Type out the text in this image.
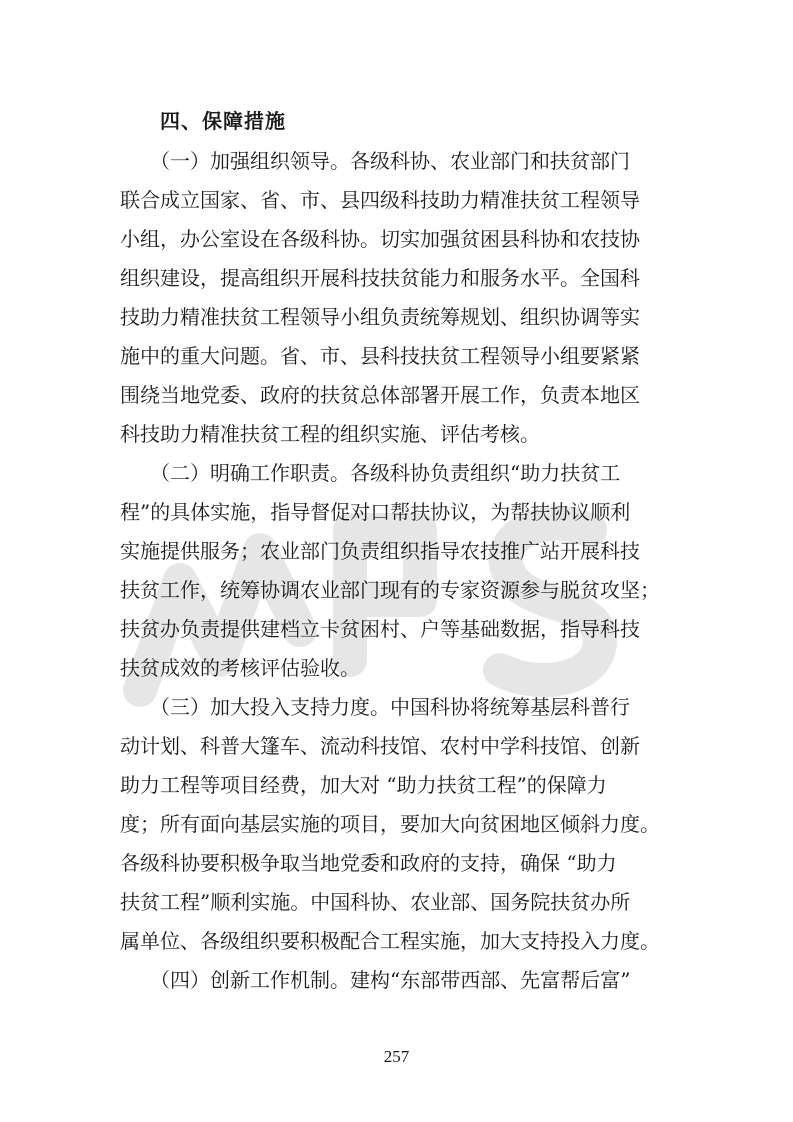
四、保障措施
　　（一）加强组织领导。各级科协、农业部门和扶贫部门
联合成立国家、省、市、县四级科技助力精准扶贫工程领导
小组，办公室设在各级科协。切实加强贫困县科协和农技协
组织建设，提高组织开展科技扶贫能力和服务水平。全国科
技助力精准扶贫工程领导小组负责统筹规划、组织协调等实
施中的重大问题。省、市、县科技扶贫工程领导小组要紧紧
围绕当地党委、政府的扶贫总体部署开展工作，负责本地区
科技助力精准扶贫工程的组织实施、评估考核。
　　（二）明确工作职责。各级科协负责组织“助力扶贫工
程”的具体实施，指导督促对口帮扶协议，为帮扶协议顺利
实施提供服务；农业部门负责组织指导农技推广站开展科技
扶贫工作，统筹协调农业部门现有的专家资源参与脱贫攻坚；
扶贫办负责提供建档立卡贫困村、户等基础数据，指导科技
扶贫成效的考核评估验收。
　　（三）加大投入支持力度。中国科协将统筹基层科普行
动计划、科普大篷车、流动科技馆、农村中学科技馆、创新
助力工程等项目经费，加大对 “助力扶贫工程”的保障力
度；所有面向基层实施的项目，要加大向贫困地区倾斜力度。
各级科协要积极争取当地党委和政府的支持，确保 “助力
扶贫工程”顺利实施。中国科协、农业部、国务院扶贫办所
属单位、各级组织要积极配合工程实施，加大支持投入力度。
　　（四）创新工作机制。建构“东部带西部、先富帮后富”
257
